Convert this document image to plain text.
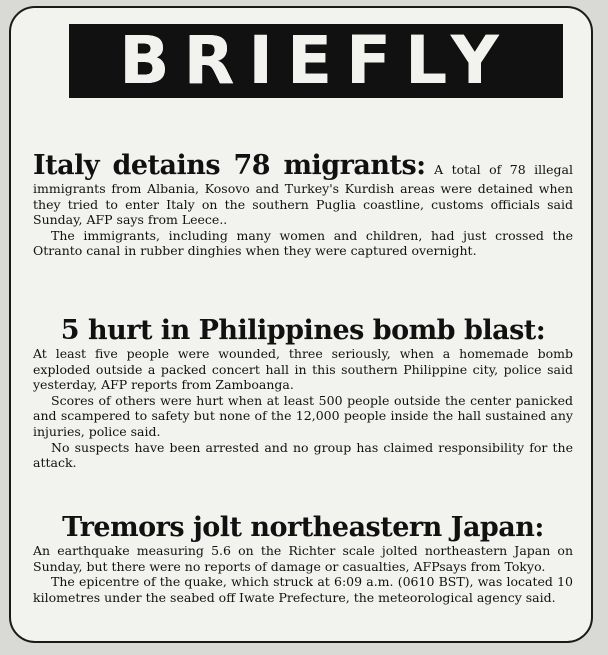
BRIEFLY

Italy detains 78 migrants: A total of 78 illegal immigrants from Albania, Kosovo and Turkey's Kurdish areas were detained when they tried to enter Italy on the southern Puglia coastline, customs officials said Sunday, AFP says from Leece..

The immigrants, including many women and children, had just crossed the Otranto canal in rubber dinghies when they were captured overnight.

5 hurt in Philippines bomb blast:

At least five people were wounded, three seriously, when a homemade bomb exploded outside a packed concert hall in this southern Philippine city, police said yesterday, AFP reports from Zamboanga.

Scores of others were hurt when at least 500 people outside the center panicked and scampered to safety but none of the 12,000 people inside the hall sustained any injuries, police said.

No suspects have been arrested and no group has claimed responsibility for the attack.

Tremors jolt northeastern Japan:

An earthquake measuring 5.6 on the Richter scale jolted northeastern Japan on Sunday, but there were no reports of damage or casualties, AFPsays from Tokyo.

The epicentre of the quake, which struck at 6:09 a.m. (0610 BST), was located 10 kilometres under the seabed off Iwate Prefecture, the meteorological agency said.
